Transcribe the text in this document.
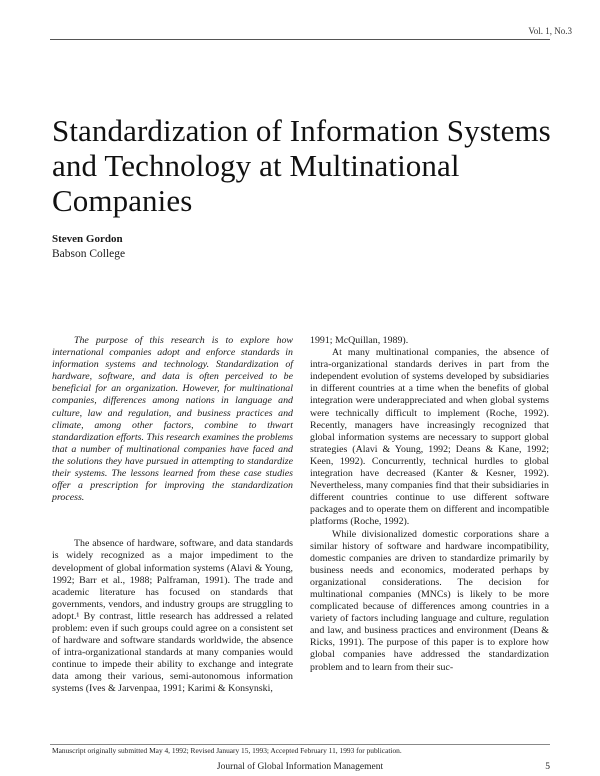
Vol. 1, No.3
Standardization of Information Systems and Technology at Multinational Companies
Steven Gordon
Babson College

The purpose of this research is to explore how international companies adopt and enforce standards in information systems and technology. Standardization of hardware, software, and data is often perceived to be beneficial for an organization. However, for multinational companies, differences among nations in language and culture, law and regulation, and business practices and climate, among other factors, combine to thwart standardization efforts. This research examines the problems that a number of multinational companies have faced and the solutions they have pursued in attempting to standardize their systems. The lessons learned from these case studies offer a prescription for improving the standardization process.

The absence of hardware, software, and data standards is widely recognized as a major impediment to the development of global information systems (Alavi & Young, 1992; Barr et al., 1988; Palframan, 1991). The trade and academic literature has focused on standards that governments, vendors, and industry groups are struggling to adopt.¹ By contrast, little research has addressed a related problem: even if such groups could agree on a consistent set of hardware and software standards worldwide, the absence of intra-organizational standards at many companies would continue to impede their ability to exchange and integrate data among their various, semi-autonomous information systems (Ives & Jarvenpaa, 1991; Karimi & Konsynski,

1991; McQuillan, 1989).

At many multinational companies, the absence of intra-organizational standards derives in part from the independent evolution of systems developed by subsidiaries in different countries at a time when the benefits of global integration were underappreciated and when global systems were technically difficult to implement (Roche, 1992). Recently, managers have increasingly recognized that global information systems are necessary to support global strategies (Alavi & Young, 1992; Deans & Kane, 1992; Keen, 1992). Concurrently, technical hurdles to global integration have decreased (Kanter & Kesner, 1992). Nevertheless, many companies find that their subsidiaries in different countries continue to use different software packages and to operate them on different and incompatible platforms (Roche, 1992).

While divisionalized domestic corporations share a similar history of software and hardware incompatibility, domestic companies are driven to standardize primarily by business needs and economics, moderated perhaps by organizational considerations. The decision for multinational companies (MNCs) is likely to be more complicated because of differences among countries in a variety of factors including language and culture, regulation and law, and business practices and environment (Deans & Ricks, 1991). The purpose of this paper is to explore how global companies have addressed the standardization problem and to learn from their suc-

Manuscript originally submitted May 4, 1992; Revised January 15, 1993; Accepted February 11, 1993 for publication.
Journal of Global Information Management	5
